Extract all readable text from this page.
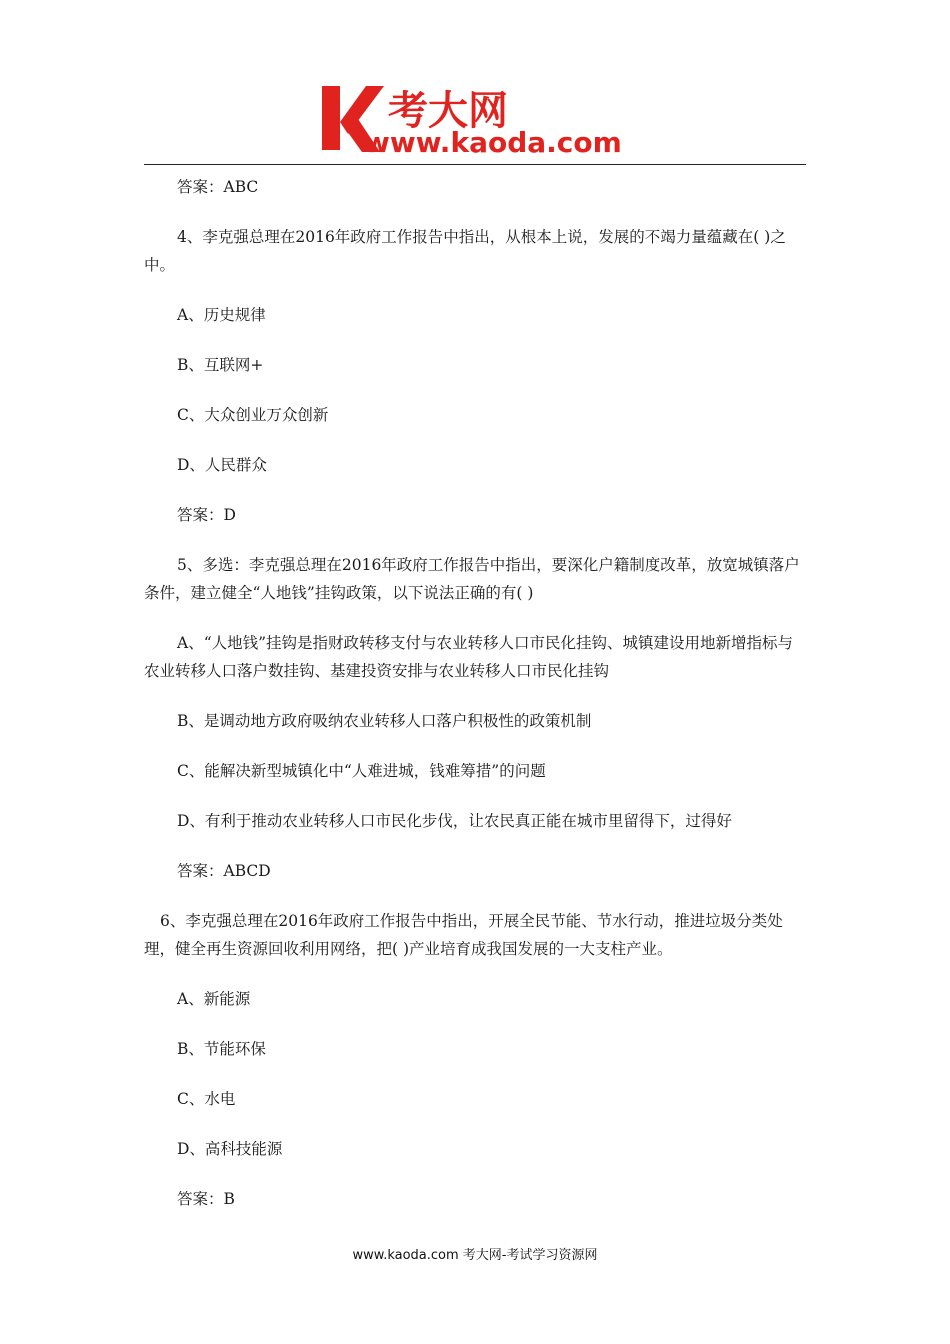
考大网
www.kaoda.com

答案：ABC

4、李克强总理在2016年政府工作报告中指出，从根本上说，发展的不竭力量蕴藏在( )之中。

A、历史规律

B、互联网+

C、大众创业万众创新

D、人民群众

答案：D

5、多选：李克强总理在2016年政府工作报告中指出，要深化户籍制度改革，放宽城镇落户条件，建立健全“人地钱”挂钩政策，以下说法正确的有( )

A、“人地钱”挂钩是指财政转移支付与农业转移人口市民化挂钩、城镇建设用地新增指标与农业转移人口落户数挂钩、基建投资安排与农业转移人口市民化挂钩

B、是调动地方政府吸纳农业转移人口落户积极性的政策机制

C、能解决新型城镇化中“人难进城，钱难筹措”的问题

D、有利于推动农业转移人口市民化步伐，让农民真正能在城市里留得下，过得好

答案：ABCD

6、李克强总理在2016年政府工作报告中指出，开展全民节能、节水行动，推进垃圾分类处理，健全再生资源回收利用网络，把( )产业培育成我国发展的一大支柱产业。

A、新能源

B、节能环保

C、水电

D、高科技能源

答案：B

www.kaoda.com 考大网-考试学习资源网
